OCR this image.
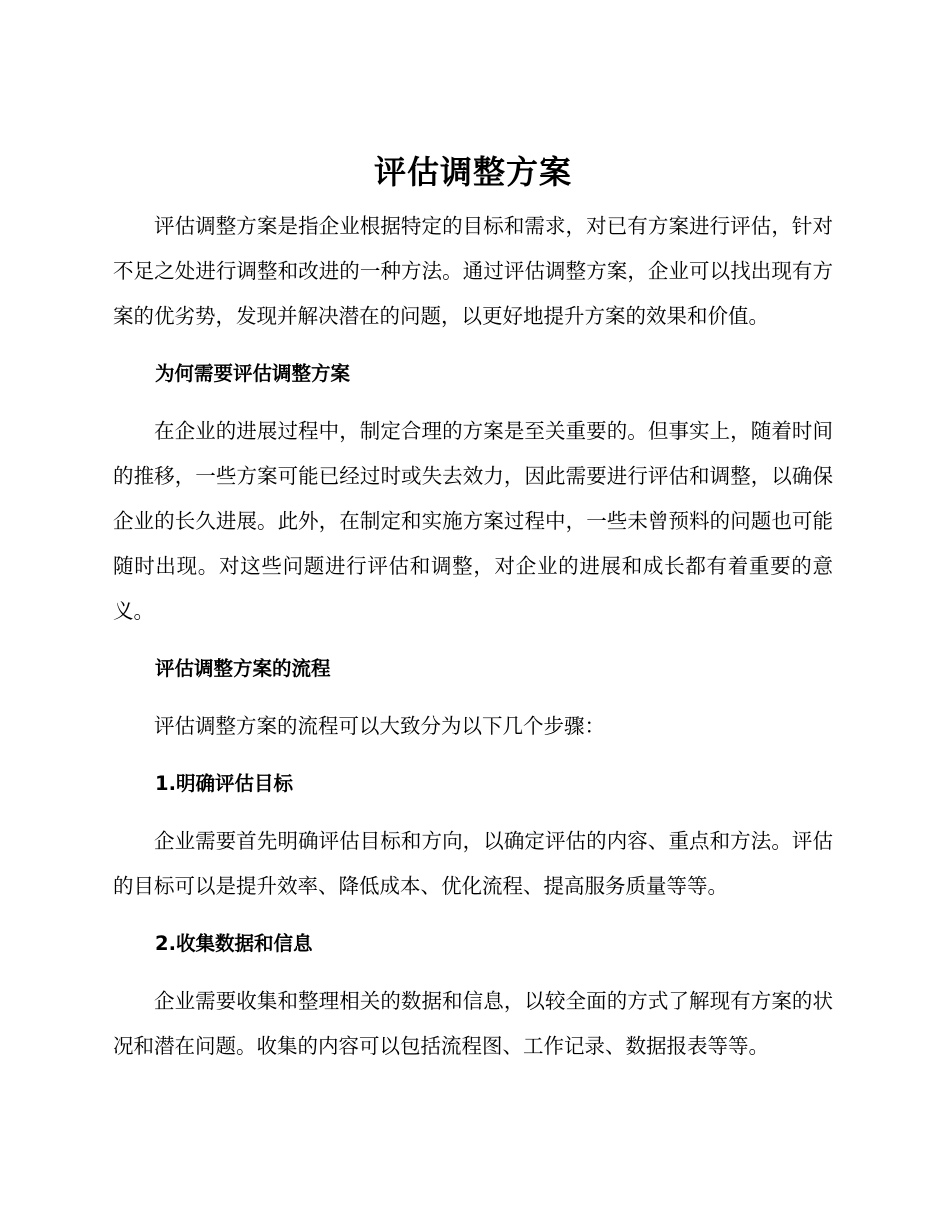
评估调整方案

评估调整方案是指企业根据特定的目标和需求，对已有方案进行评估，针对不足之处进行调整和改进的一种方法。通过评估调整方案，企业可以找出现有方案的优劣势，发现并解决潜在的问题，以更好地提升方案的效果和价值。

为何需要评估调整方案

在企业的进展过程中，制定合理的方案是至关重要的。但事实上，随着时间的推移，一些方案可能已经过时或失去效力，因此需要进行评估和调整，以确保企业的长久进展。此外，在制定和实施方案过程中，一些未曾预料的问题也可能随时出现。对这些问题进行评估和调整，对企业的进展和成长都有着重要的意义。

评估调整方案的流程

评估调整方案的流程可以大致分为以下几个步骤：

1.明确评估目标

企业需要首先明确评估目标和方向，以确定评估的内容、重点和方法。评估的目标可以是提升效率、降低成本、优化流程、提高服务质量等等。

2.收集数据和信息

企业需要收集和整理相关的数据和信息，以较全面的方式了解现有方案的状况和潜在问题。收集的内容可以包括流程图、工作记录、数据报表等等。
